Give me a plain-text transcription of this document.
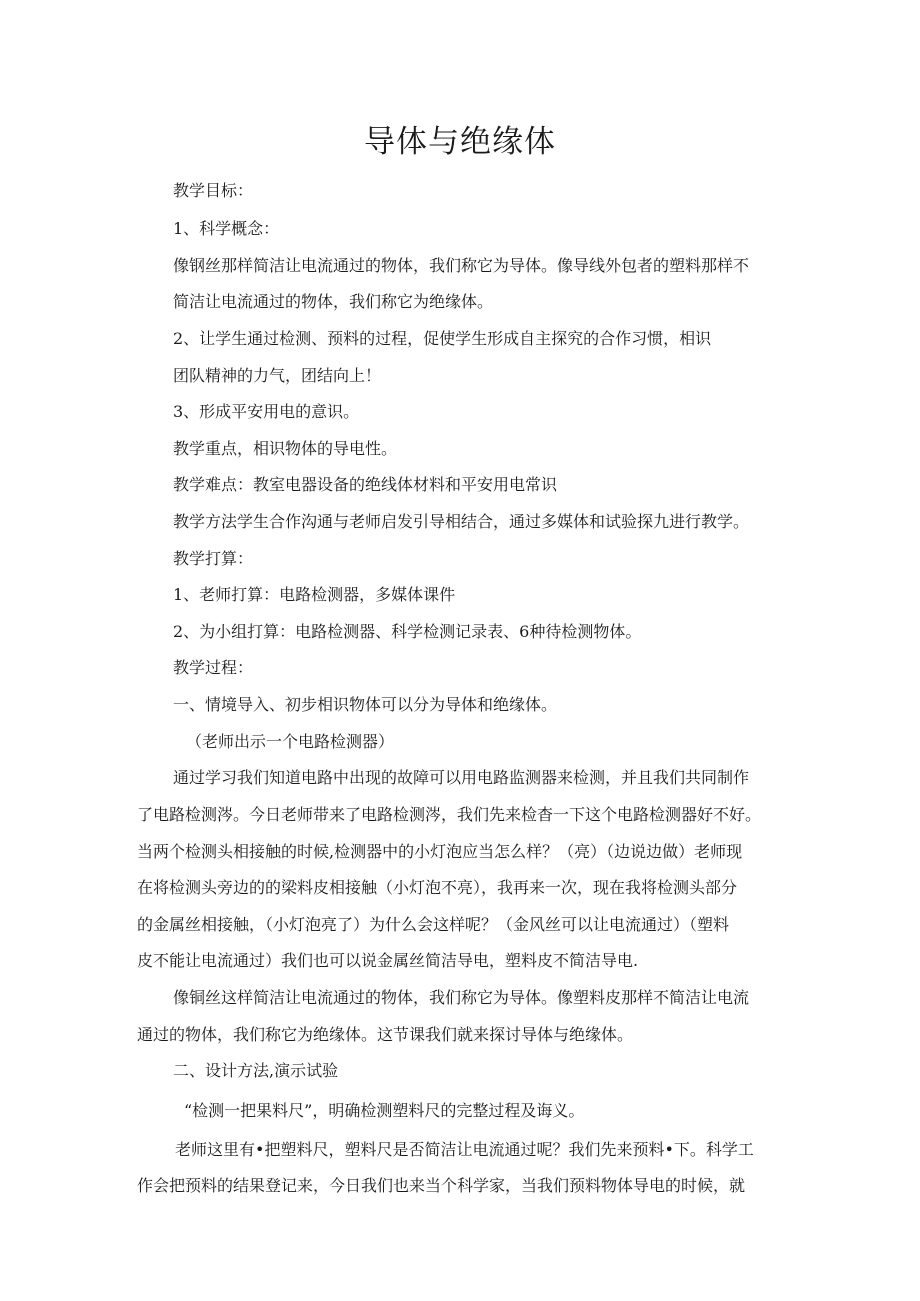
导体与绝缘体
教学目标：
1、科学概念：
像钢丝那样简洁让电流通过的物体，我们称它为导体。像导线外包者的塑料那样不
简洁让电流通过的物体，我们称它为绝缘体。
2、让学生通过检测、预料的过程，促使学生形成自主探究的合作习惯，相识
团队精神的力气，团结向上！
3、形成平安用电的意识。
教学重点，相识物体的导电性。
教学难点：教室电器设备的绝线体材料和平安用电常识
教学方法学生合作沟通与老师启发引导相结合，通过多媒体和试验探九进行教学。
教学打算：
1、老师打算：电路检测器，多媒体课件
2、为小组打算：电路检测器、科学检测记录表、6种待检测物体。
教学过程：
一、情境导入、初步相识物体可以分为导体和绝缘体。
（老师出示一个电路检测器）
通过学习我们知道电路中出现的故障可以用电路监测器来检测，并且我们共同制作
了电路检测涔。今日老师带来了电路检测涔，我们先来检杳一下这个电路检测器好不好。
当两个检测头相接触的时候,检测器中的小灯泡应当怎么样？（亮）（边说边做）老师现
在将检测头旁边的的梁料皮相接触（小灯泡不亮），我再来一次，现在我将检测头部分
的金属丝相接触，（小灯泡亮了）为什么会这样呢？（金风丝可以让电流通过）（塑料
皮不能让电流通过）我们也可以说金属丝简洁导电，塑料皮不简洁导电.
像铜丝这样简洁让电流通过的物体，我们称它为导体。像塑料皮那样不简洁让电流
通过的物体，我们称它为绝缘体。这节课我们就来探讨导体与绝缘体。
二、设计方法,演示试验
“检测一把果料尺”，明确检测塑料尺的完整过程及诲义。
老师这里有•把塑料尺，塑料尺是否简洁让电流通过呢？我们先来预料•下。科学工
作会把预料的结果登记来，今日我们也来当个科学家，当我们预料物体导电的时候，就
